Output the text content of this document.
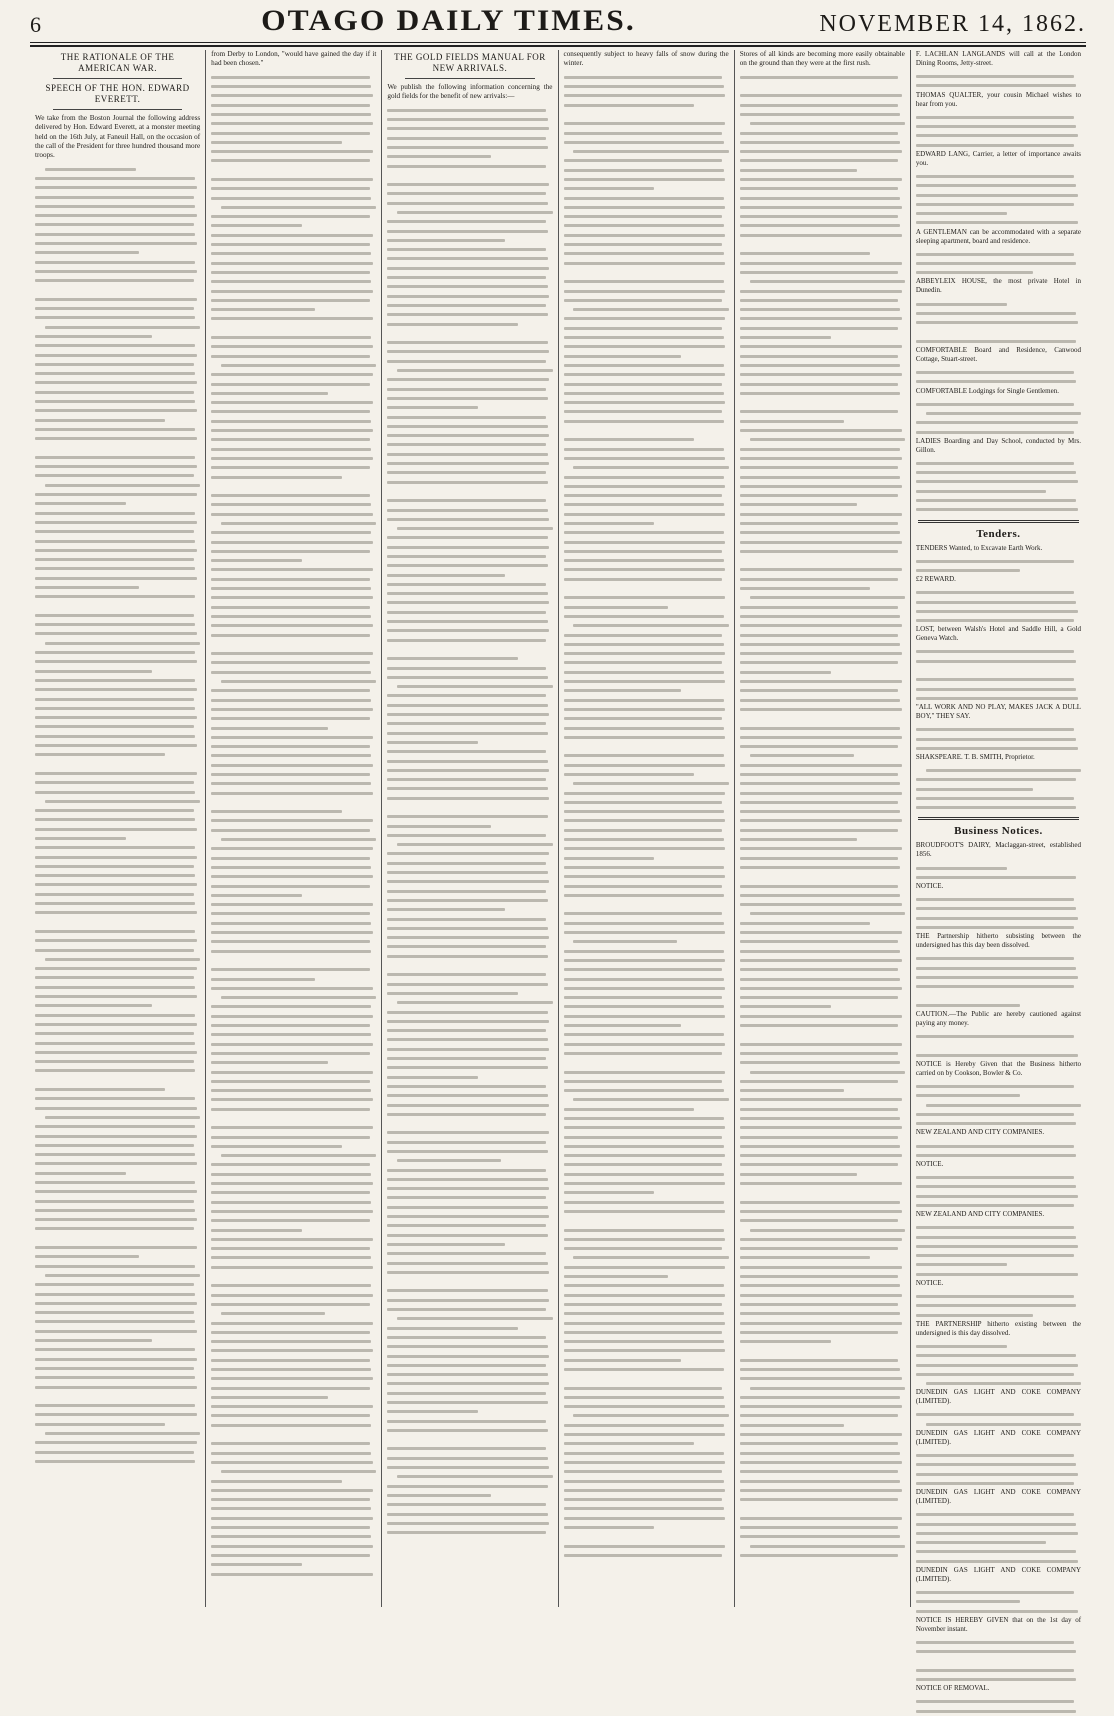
6	OTAGO DAILY TIMES.	NOVEMBER 14, 1862.
THE RATIONALE OF THE AMERICAN WAR.
SPEECH OF THE HON. EDWARD EVERETT.
We take from the Boston Journal the following address delivered by Hon. Edward Everett, at a monster meeting held on the 16th July, at Faneuil Hall, on the occasion of the call of the President for three hundred thousand more troops.
from Derby to London, "would have gained the day if it had been chosen."
THE GOLD FIELDS MANUAL FOR NEW ARRIVALS.
We publish the following information concerning the gold fields for the benefit of new arrivals:—
consequently subject to heavy falls of snow during the winter.
Stores of all kinds are becoming more easily obtainable on the ground than they were at the first rush.
F. LACHLAN LANGLANDS will call at the London Dining Rooms, Jetty-street.
THOMAS QUALTER, your cousin Michael wishes to hear from you.
EDWARD LANG, Carrier, a letter of importance awaits you.
A GENTLEMAN can be accommodated with a separate sleeping apartment, board and residence.
ABBEYLEIX HOUSE, the most private Hotel in Dunedin.
COMFORTABLE Board and Residence, Canwood Cottage, Stuart-street.
COMFORTABLE Lodgings for Single Gentlemen.
LADIES Boarding and Day School, conducted by Mrs. Gillon.
Tenders.
TENDERS Wanted, to Excavate Earth Work.
£2 REWARD.
LOST, between Walsh's Hotel and Saddle Hill, a Gold Geneva Watch.
"ALL WORK AND NO PLAY, MAKES JACK A DULL BOY," THEY SAY.
SHAKSPEARE. T. B. SMITH, Proprietor.
Business Notices.
BROUDFOOT'S DAIRY, Maclaggan-street, established 1856.
NOTICE.
THE Partnership hitherto subsisting between the undersigned has this day been dissolved.
CAUTION.—The Public are hereby cautioned against paying any money.
NOTICE is Hereby Given that the Business hitherto carried on by Cookson, Bowler & Co.
NEW ZEALAND AND CITY COMPANIES.
NOTICE.
NEW ZEALAND AND CITY COMPANIES.
NOTICE.
THE PARTNERSHIP hitherto existing between the undersigned is this day dissolved.
DUNEDIN GAS LIGHT AND COKE COMPANY (LIMITED).
DUNEDIN GAS LIGHT AND COKE COMPANY (LIMITED).
DUNEDIN GAS LIGHT AND COKE COMPANY (LIMITED).
DUNEDIN GAS LIGHT AND COKE COMPANY (LIMITED).
NOTICE IS HEREBY GIVEN that on the 1st day of November instant.
NOTICE OF REMOVAL.
